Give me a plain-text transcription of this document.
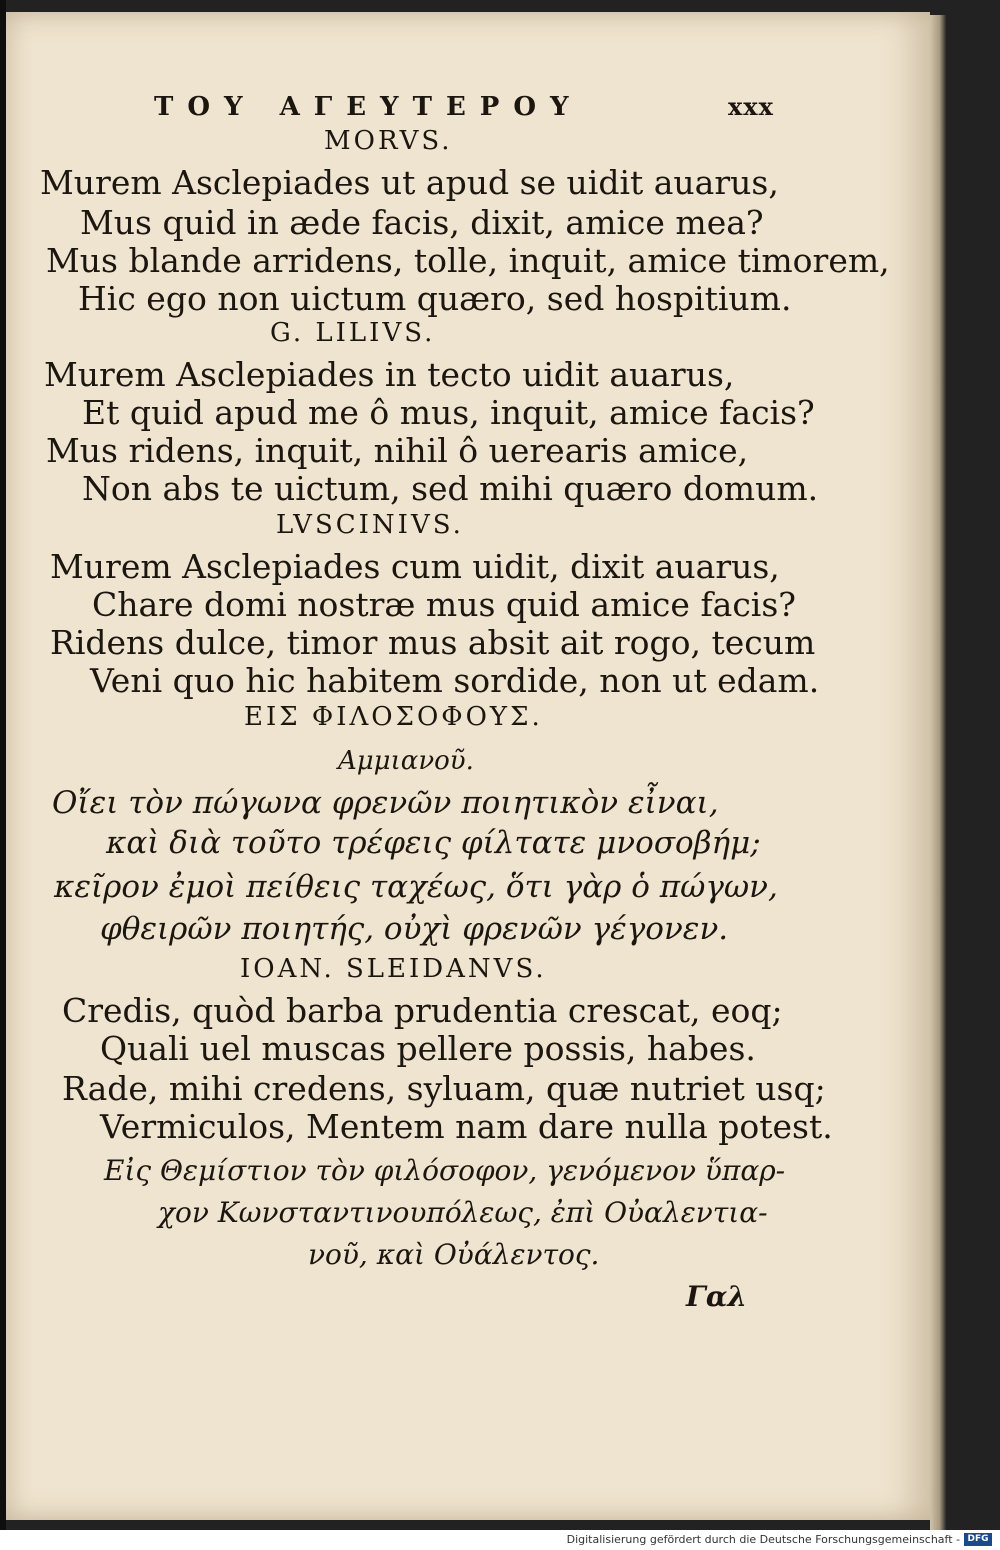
TOY ΑΓΕΥΤΕΡΟΥ	xxx
MORVS.
Murem Asclepiades ut apud se uidit auarus,
Mus quid in æde facis, dixit, amice mea?
Mus blande arridens, tolle, inquit, amice timorem,
Hic ego non uictum quæro, sed hospitium.
G. LILIVS.
Murem Asclepiades in tecto uidit auarus,
Et quid apud me ô mus, inquit, amice facis?
Mus ridens, inquit, nihil ô uerearis amice,
Non abs te uictum, sed mihi quæro domum.
LVSCINIVS.
Murem Asclepiades cum uidit, dixit auarus,
Chare domi nostræ mus quid amice facis?
Ridens dulce, timor mus absit ait rogo, tecum
Veni quo hic habitem sordide, non ut edam.
ΕΙΣ ΦΙΛΟΣΟΦΟΥΣ.
Αμμιανοῦ.
Οἴει τὸν πώγωνα φρενῶν ποιητικὸν εἶναι,
καὶ διὰ τοῦτο τρέφεις φίλτατε μνοσοβήμ;
κεῖρον ἐμοὶ πείθεις ταχέως, ὅτι γὰρ ὁ πώγων,
φθειρῶν ποιητής, οὐχὶ φρενῶν γέγονεν.
IOAN. SLEIDANVS.
Credis, quòd barba prudentia crescat, eoq;
Quali uel muscas pellere possis, habes.
Rade, mihi credens, syluam, quæ nutriet usq;
Vermiculos, Mentem nam dare nulla potest.
Εἰς Θεμίστιον τὸν φιλόσοφον, γενόμενον ὕπαρ-
χον Κωνσταντινουπόλεως, ἐπὶ Οὐαλεντια-
νοῦ, καὶ Οὐάλεντος.
Γαλ
Digitalisierung gefördert durch die Deutsche Forschungsgemeinschaft - DFG
